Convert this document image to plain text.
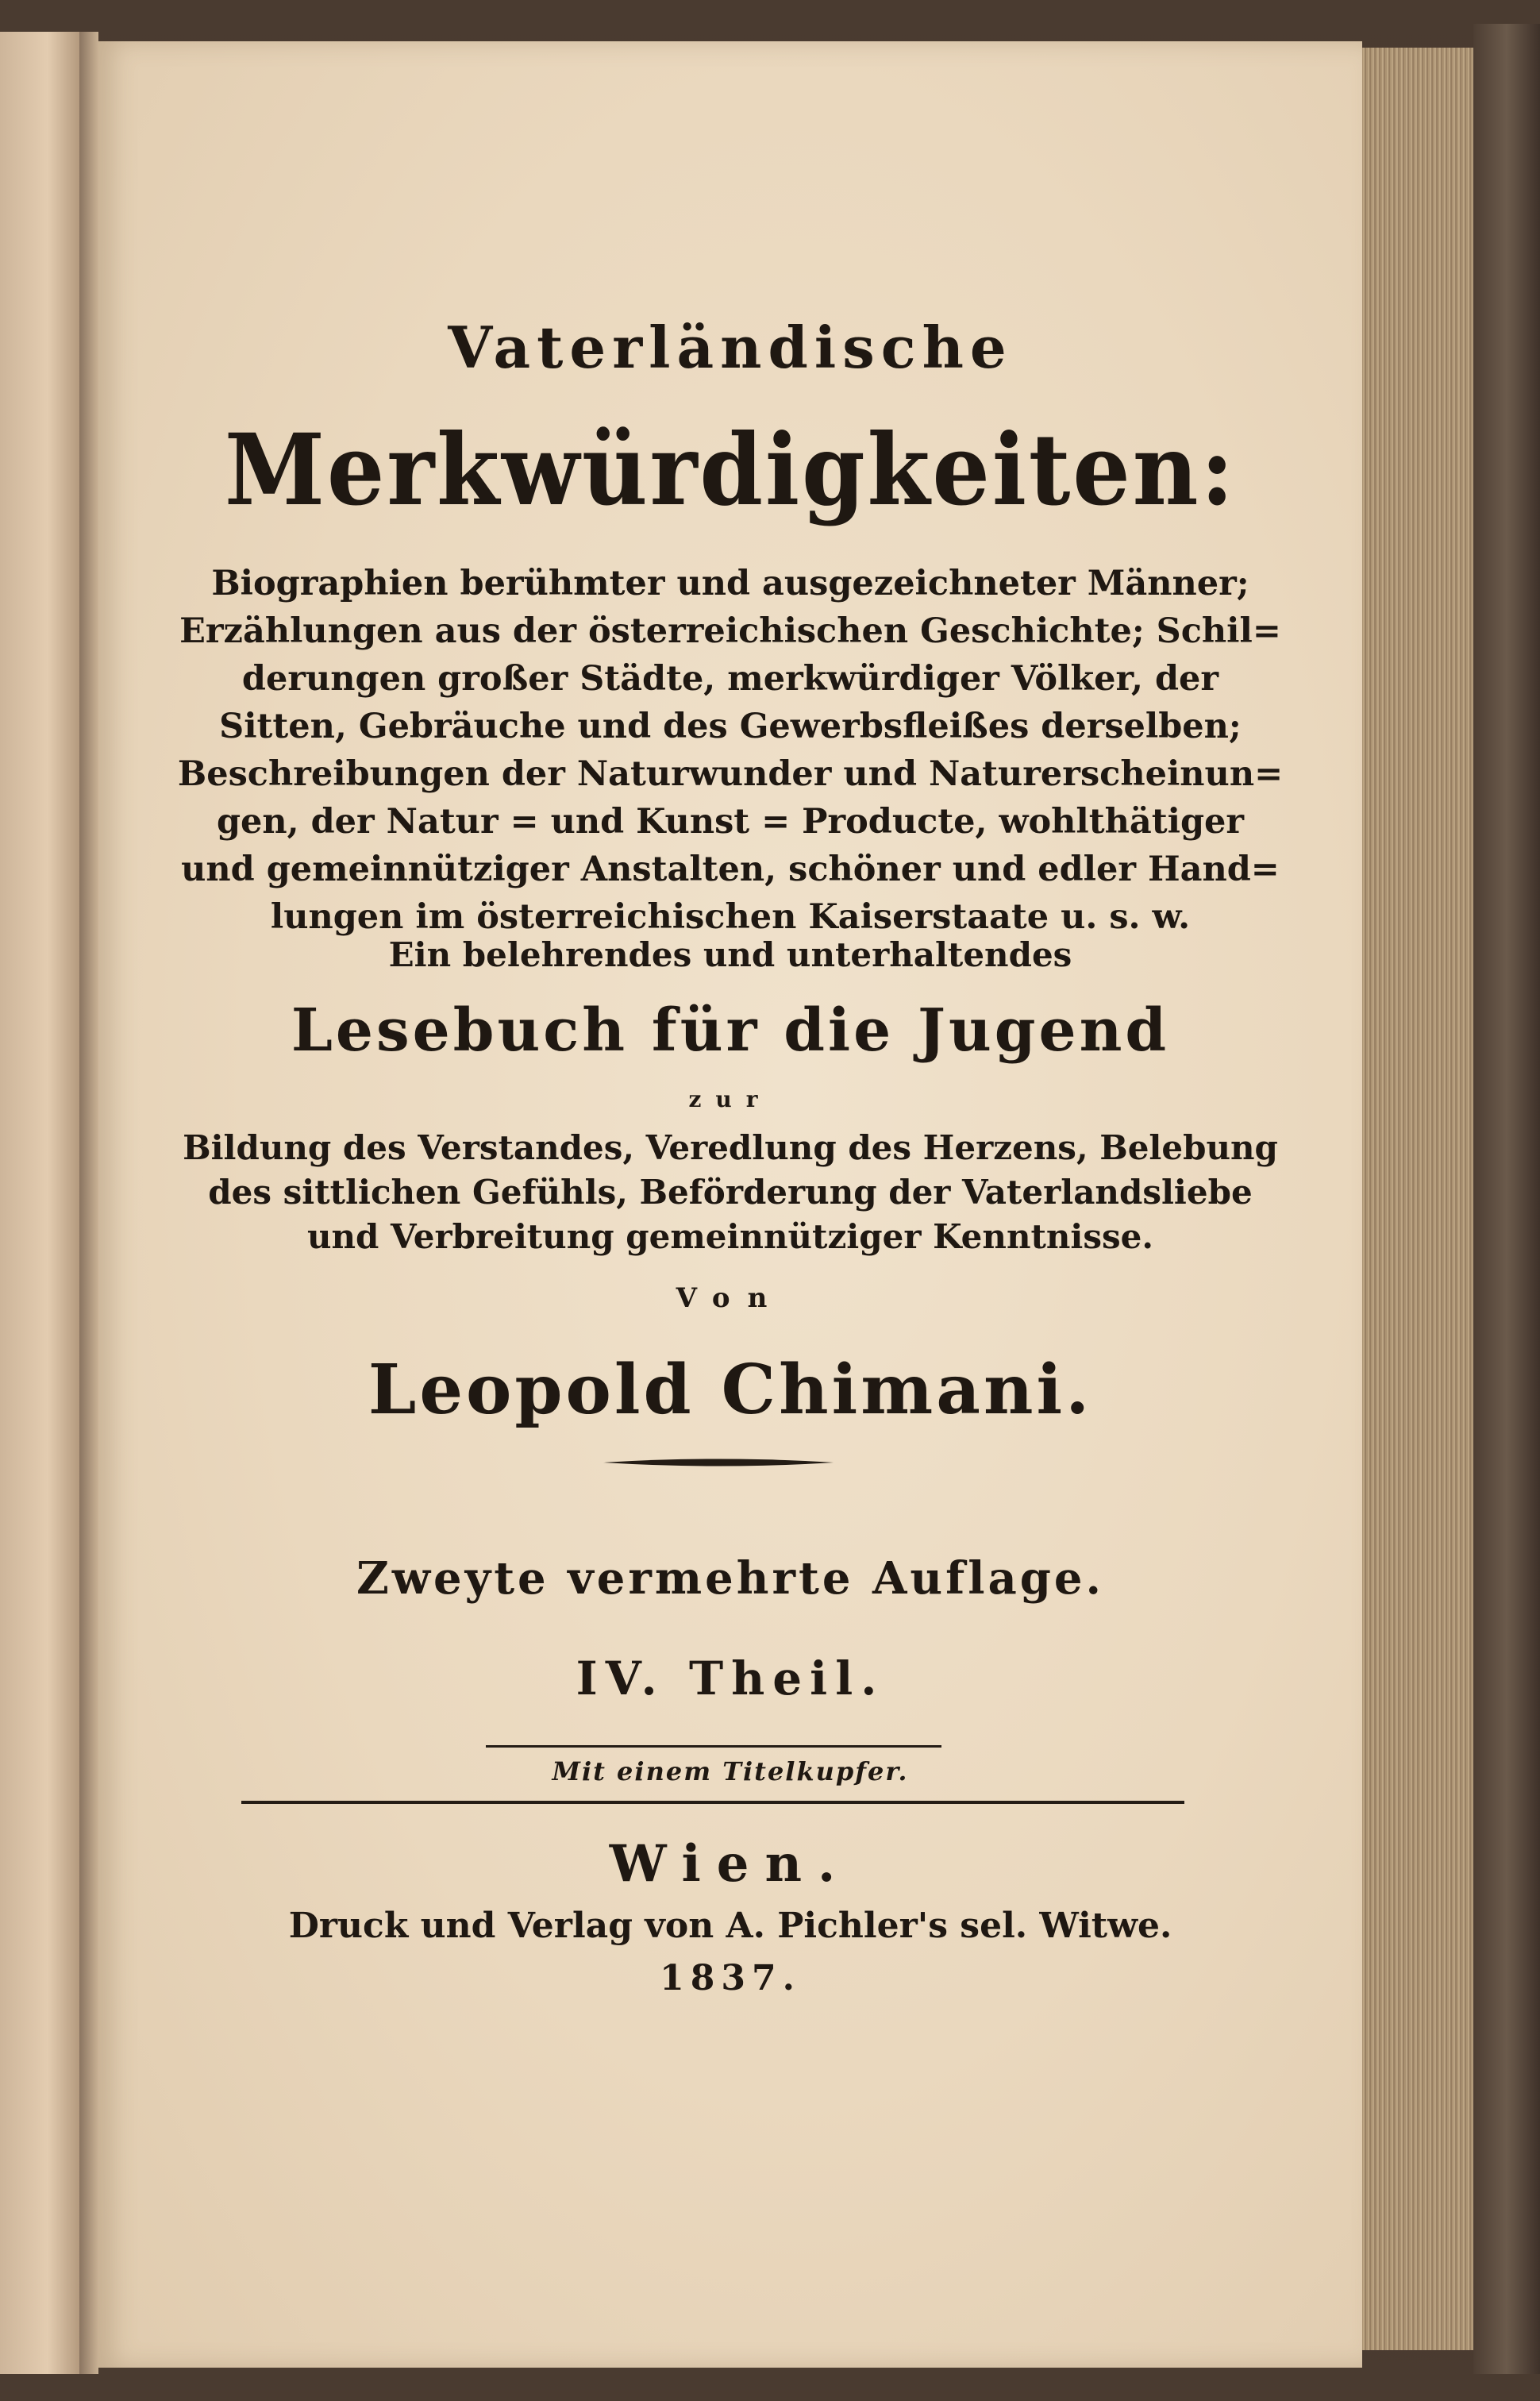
Vaterländische
Merkwürdigkeiten:
Biographien berühmter und ausgezeichneter Männer;
Erzählungen aus der österreichischen Geschichte; Schil=
derungen großer Städte, merkwürdiger Völker, der
Sitten, Gebräuche und des Gewerbsfleißes derselben;
Beschreibungen der Naturwunder und Naturerscheinun=
gen, der Natur = und Kunst = Producte, wohlthätiger
und gemeinnütziger Anstalten, schöner und edler Hand=
lungen im österreichischen Kaiserstaate u. s. w.
Ein belehrendes und unterhaltendes
Lesebuch für die Jugend
zur
Bildung des Verstandes, Veredlung des Herzens, Belebung
des sittlichen Gefühls, Beförderung der Vaterlandsliebe
und Verbreitung gemeinnütziger Kenntnisse.
Von
Leopold Chimani.
Zweyte vermehrte Auflage.
IV. Theil.
Mit einem Titelkupfer.
Wien.
Druck und Verlag von A. Pichler's sel. Witwe.
1837.
